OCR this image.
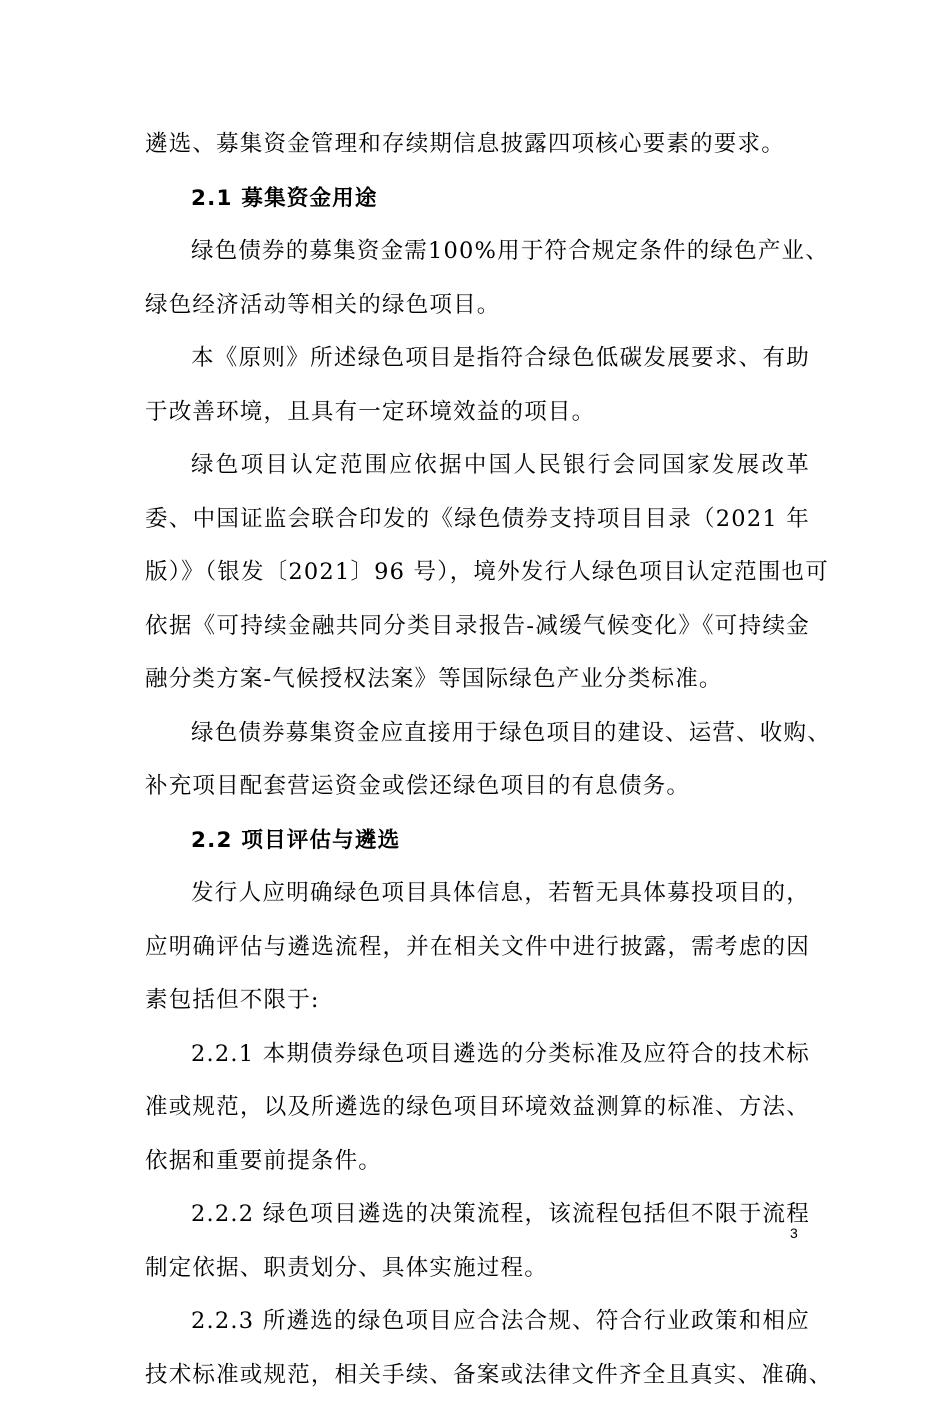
遴选、募集资金管理和存续期信息披露四项核心要素的要求。
2.1 募集资金用途
绿色债券的募集资金需100%用于符合规定条件的绿色产业、
绿色经济活动等相关的绿色项目。
本《原则》所述绿色项目是指符合绿色低碳发展要求、有助
于改善环境，且具有一定环境效益的项目。
绿色项目认定范围应依据中国人民银行会同国家发展改革
委、中国证监会联合印发的《绿色债券支持项目目录（2021 年
版）》（银发〔2021〕96 号），境外发行人绿色项目认定范围也可
依据《可持续金融共同分类目录报告-减缓气候变化》《可持续金
融分类方案-气候授权法案》等国际绿色产业分类标准。
绿色债券募集资金应直接用于绿色项目的建设、运营、收购、
补充项目配套营运资金或偿还绿色项目的有息债务。
2.2 项目评估与遴选
发行人应明确绿色项目具体信息，若暂无具体募投项目的，
应明确评估与遴选流程，并在相关文件中进行披露，需考虑的因
素包括但不限于:
2.2.1 本期债券绿色项目遴选的分类标准及应符合的技术标
准或规范，以及所遴选的绿色项目环境效益测算的标准、方法、
依据和重要前提条件。
2.2.2 绿色项目遴选的决策流程，该流程包括但不限于流程
制定依据、职责划分、具体实施过程。
2.2.3 所遴选的绿色项目应合法合规、符合行业政策和相应
技术标准或规范，相关手续、备案或法律文件齐全且真实、准确、
3
